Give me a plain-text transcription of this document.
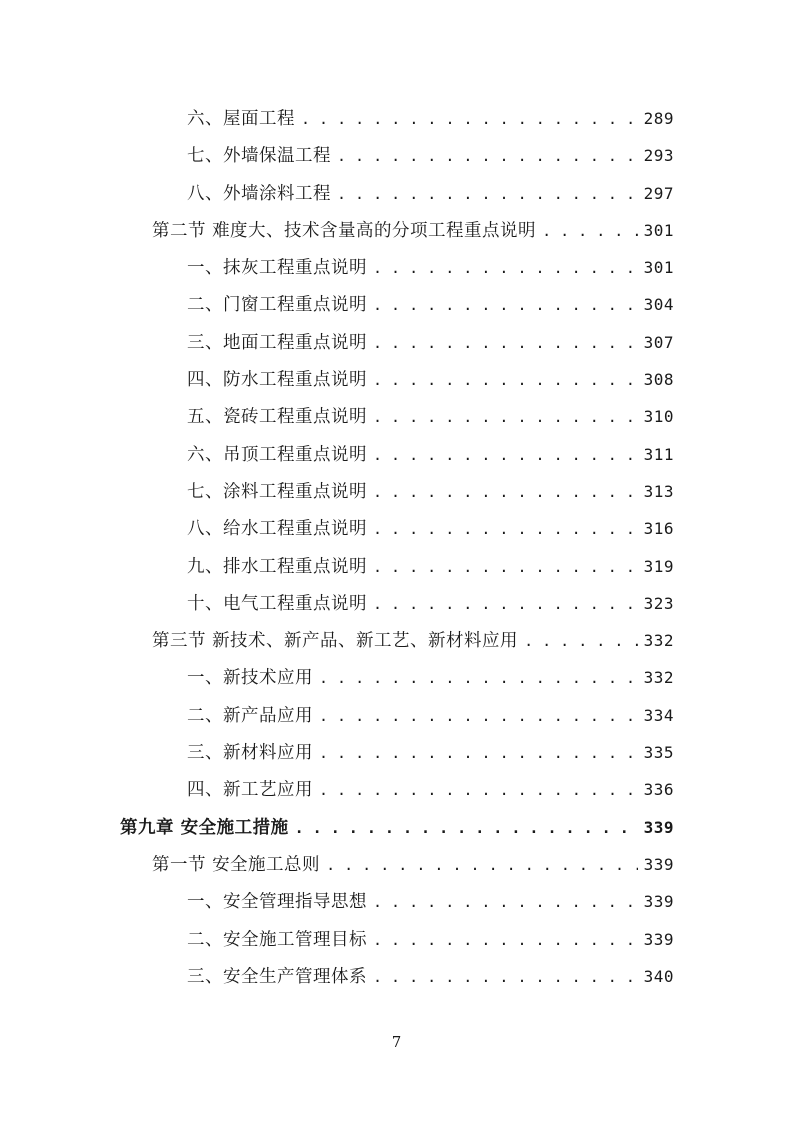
六、屋面工程 . . .	289
七、外墙保温工程 . . .	293
八、外墙涂料工程 . . .	297
第二节 难度大、技术含量高的分项工程重点说明 . . .	301
一、抹灰工程重点说明 . . .	301
二、门窗工程重点说明 . . .	304
三、地面工程重点说明 . . .	307
四、防水工程重点说明 . . .	308
五、瓷砖工程重点说明 . . .	310
六、吊顶工程重点说明 . . .	311
七、涂料工程重点说明 . . .	313
八、给水工程重点说明 . . .	316
九、排水工程重点说明 . . .	319
十、电气工程重点说明 . . .	323
第三节 新技术、新产品、新工艺、新材料应用 . . .	332
一、新技术应用 . . .	332
二、新产品应用 . . .	334
三、新材料应用 . . .	335
四、新工艺应用 . . .	336
第九章 安全施工措施 . . .	339
第一节 安全施工总则 . . .	339
一、安全管理指导思想 . . .	339
二、安全施工管理目标 . . .	339
三、安全生产管理体系 . . .	340
7
